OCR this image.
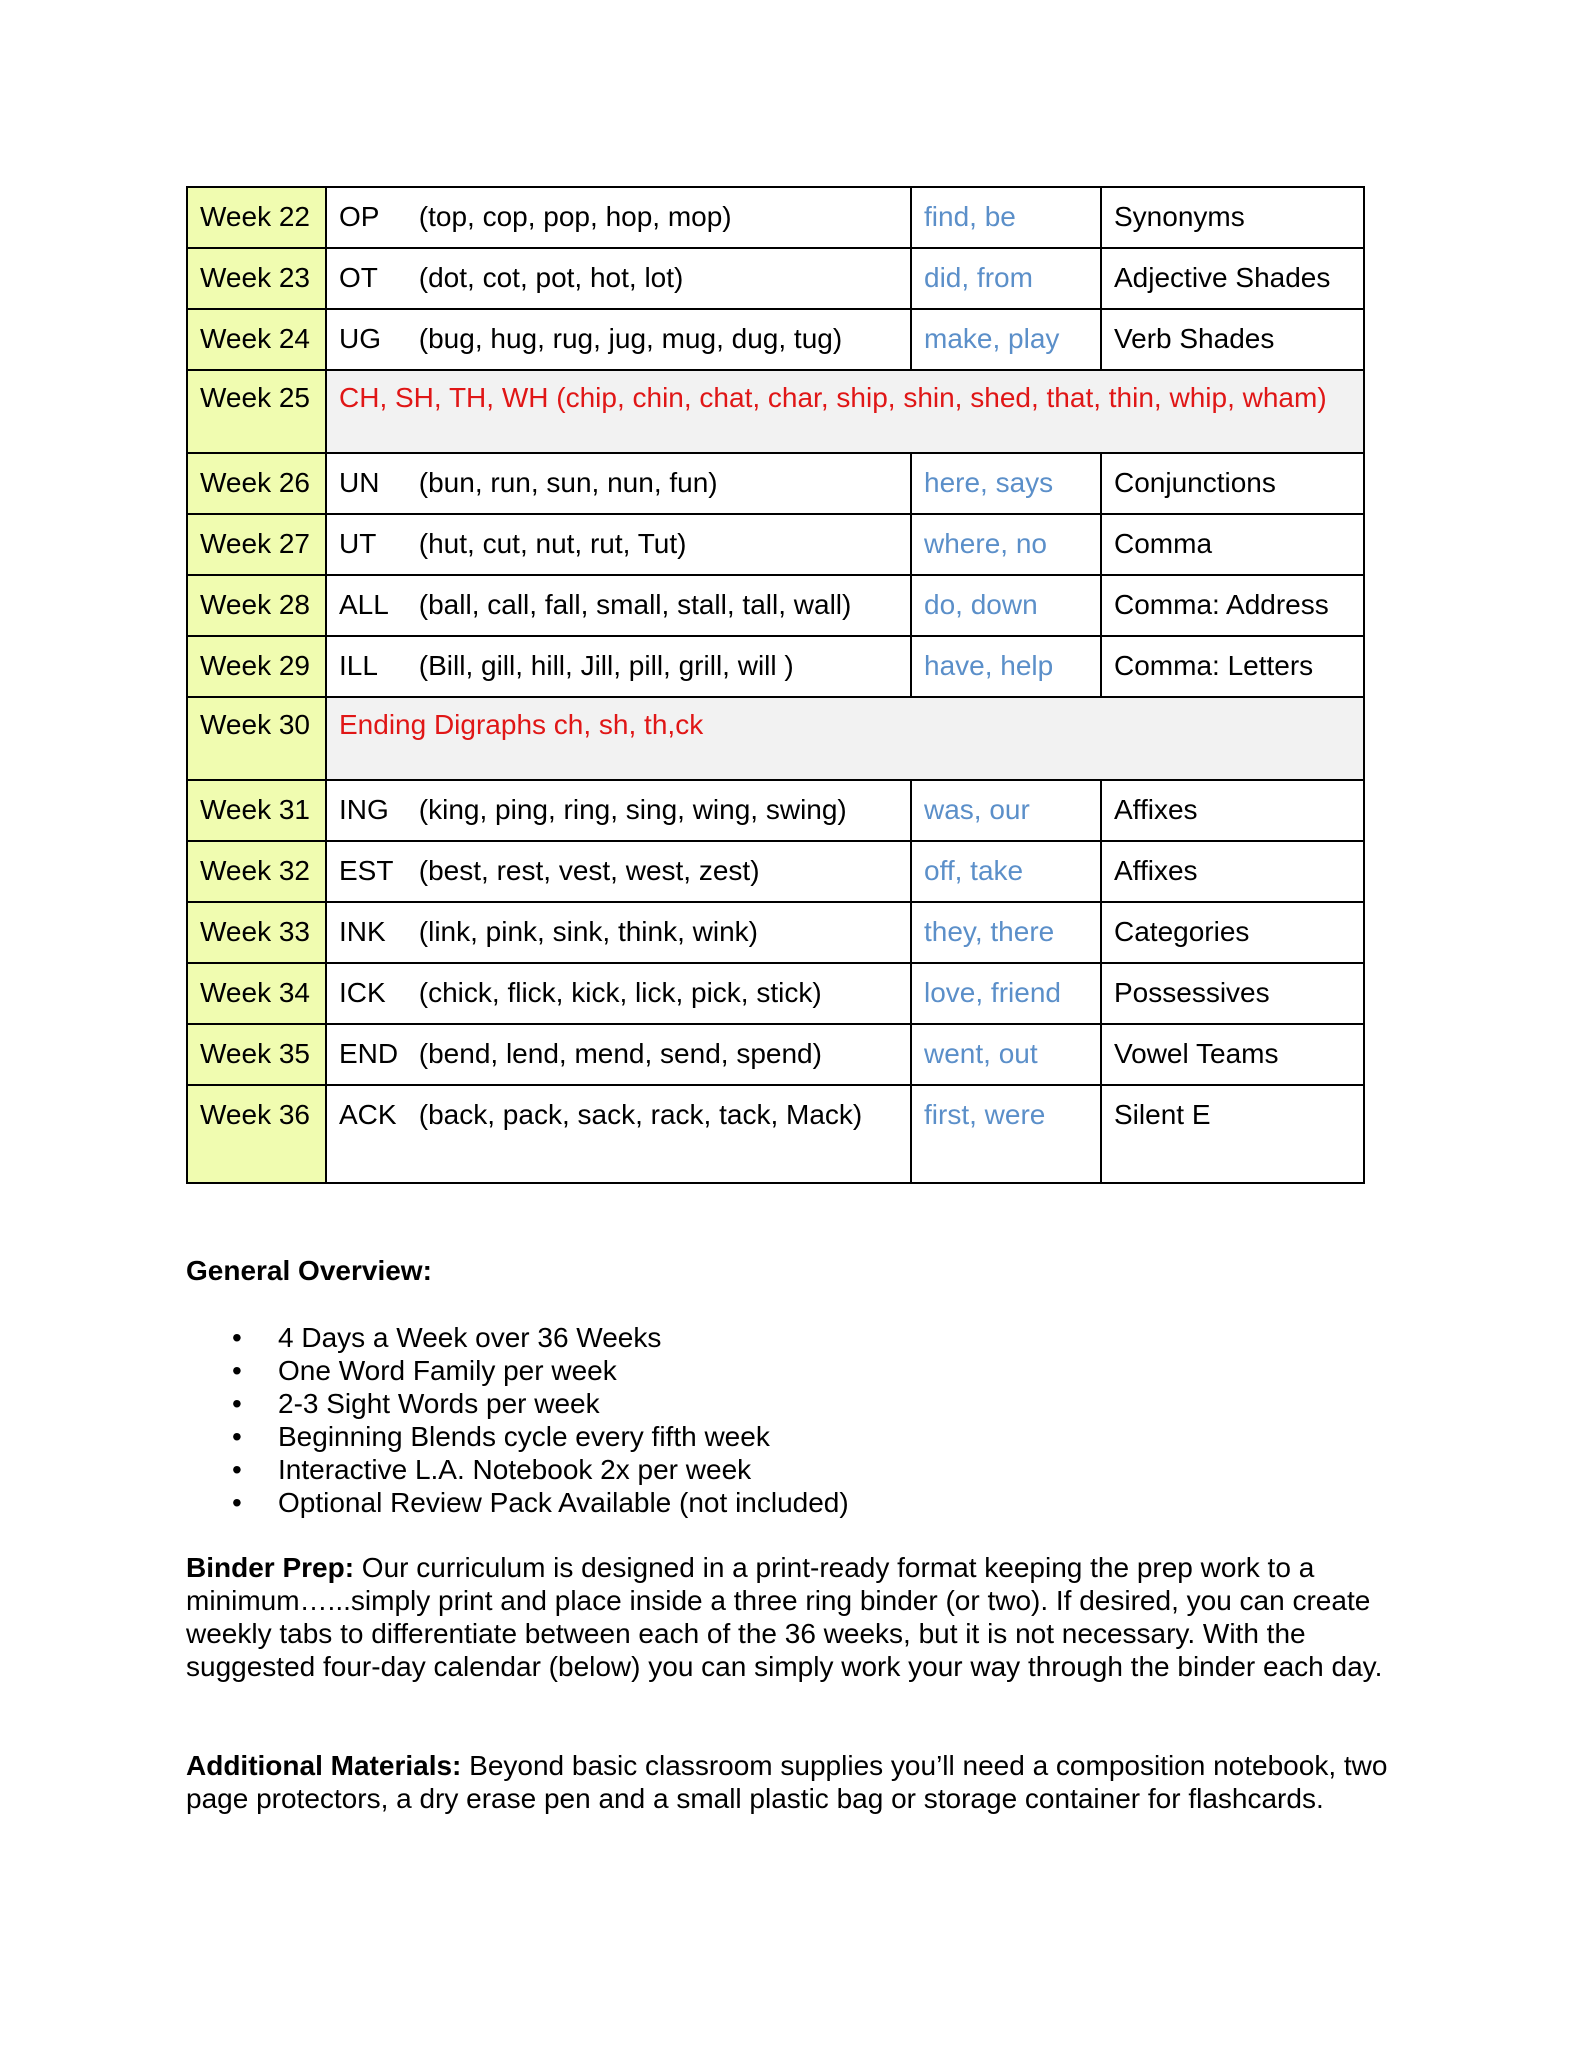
Week 22	OP (top, cop, pop, hop, mop)	find, be	Synonyms
Week 23	OT (dot, cot, pot, hot, lot)	did, from	Adjective Shades
Week 24	UG (bug, hug, rug, jug, mug, dug, tug)	make, play	Verb Shades
Week 25	CH, SH, TH, WH (chip, chin, chat, char, ship, shin, shed, that, thin, whip, wham)		
Week 26	UN (bun, run, sun, nun, fun)	here, says	Conjunctions
Week 27	UT (hut, cut, nut, rut, Tut)	where, no	Comma
Week 28	ALL (ball, call, fall, small, stall, tall, wall)	do, down	Comma: Address
Week 29	ILL (Bill, gill, hill, Jill, pill, grill, will )	have, help	Comma: Letters
Week 30	Ending Digraphs ch, sh, th,ck		
Week 31	ING (king, ping, ring, sing, wing, swing)	was, our	Affixes
Week 32	EST (best, rest, vest, west, zest)	off, take	Affixes
Week 33	INK (link, pink, sink, think, wink)	they, there	Categories
Week 34	ICK (chick, flick, kick, lick, pick, stick)	love, friend	Possessives
Week 35	END (bend, lend, mend, send, spend)	went, out	Vowel Teams
Week 36	ACK (back, pack, sack, rack, tack, Mack)	first, were	Silent E
General Overview:
• 4 Days a Week over 36 Weeks
• One Word Family per week
• 2-3 Sight Words per week
• Beginning Blends cycle every fifth week
• Interactive L.A. Notebook 2x per week
• Optional Review Pack Available (not included)
Binder Prep: Our curriculum is designed in a print-ready format keeping the prep work to a minimum…...simply print and place inside a three ring binder (or two). If desired, you can create weekly tabs to differentiate between each of the 36 weeks, but it is not necessary. With the suggested four-day calendar (below) you can simply work your way through the binder each day.
Additional Materials: Beyond basic classroom supplies you’ll need a composition notebook, two page protectors, a dry erase pen and a small plastic bag or storage container for flashcards.
